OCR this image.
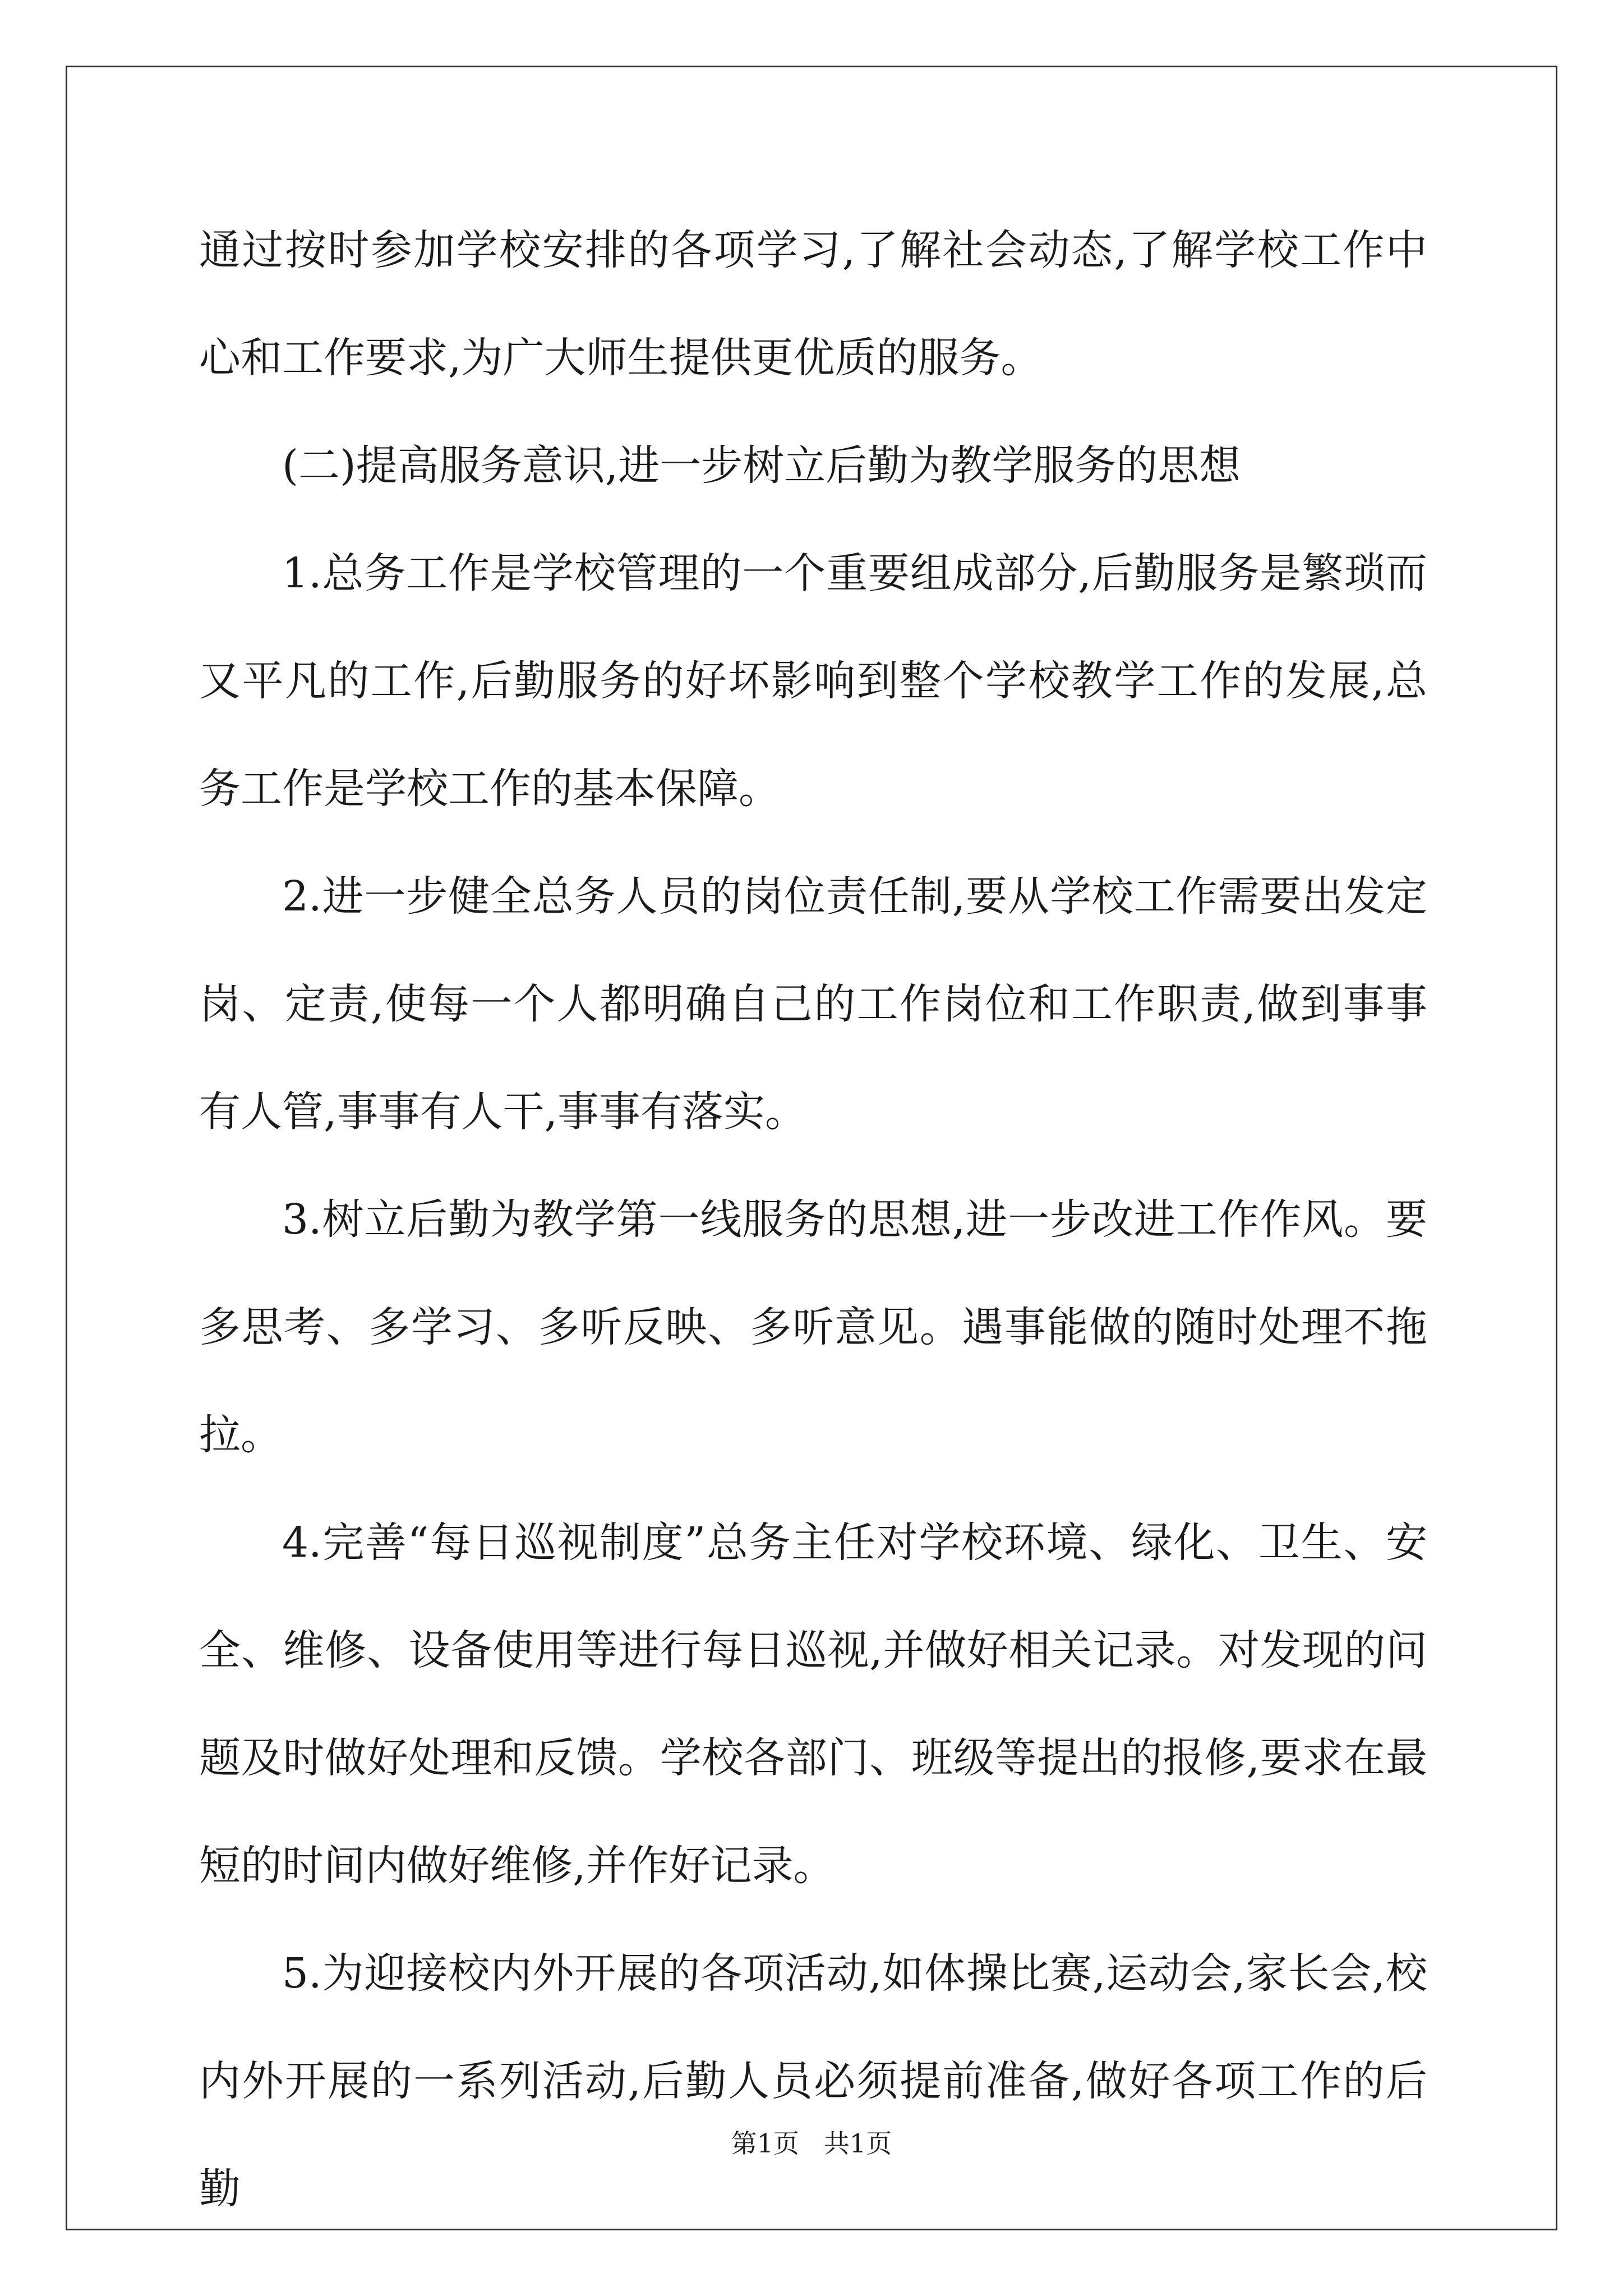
通过按时参加学校安排的各项学习,了解社会动态,了解学校工作中心和工作要求,为广大师生提供更优质的服务。

(二)提高服务意识,进一步树立后勤为教学服务的思想

1.总务工作是学校管理的一个重要组成部分,后勤服务是繁琐而又平凡的工作,后勤服务的好坏影响到整个学校教学工作的发展,总务工作是学校工作的基本保障。

2.进一步健全总务人员的岗位责任制,要从学校工作需要出发定岗、定责,使每一个人都明确自己的工作岗位和工作职责,做到事事有人管,事事有人干,事事有落实。

3.树立后勤为教学第一线服务的思想,进一步改进工作作风。要多思考、多学习、多听反映、多听意见。遇事能做的随时处理不拖拉。

4.完善“每日巡视制度”总务主任对学校环境、绿化、卫生、安全、维修、设备使用等进行每日巡视,并做好相关记录。对发现的问题及时做好处理和反馈。学校各部门、班级等提出的报修,要求在最短的时间内做好维修,并作好记录。

5.为迎接校内外开展的各项活动,如体操比赛,运动会,家长会,校内外开展的一系列活动,后勤人员必须提前准备,做好各项工作的后勤

第1页   共1页
